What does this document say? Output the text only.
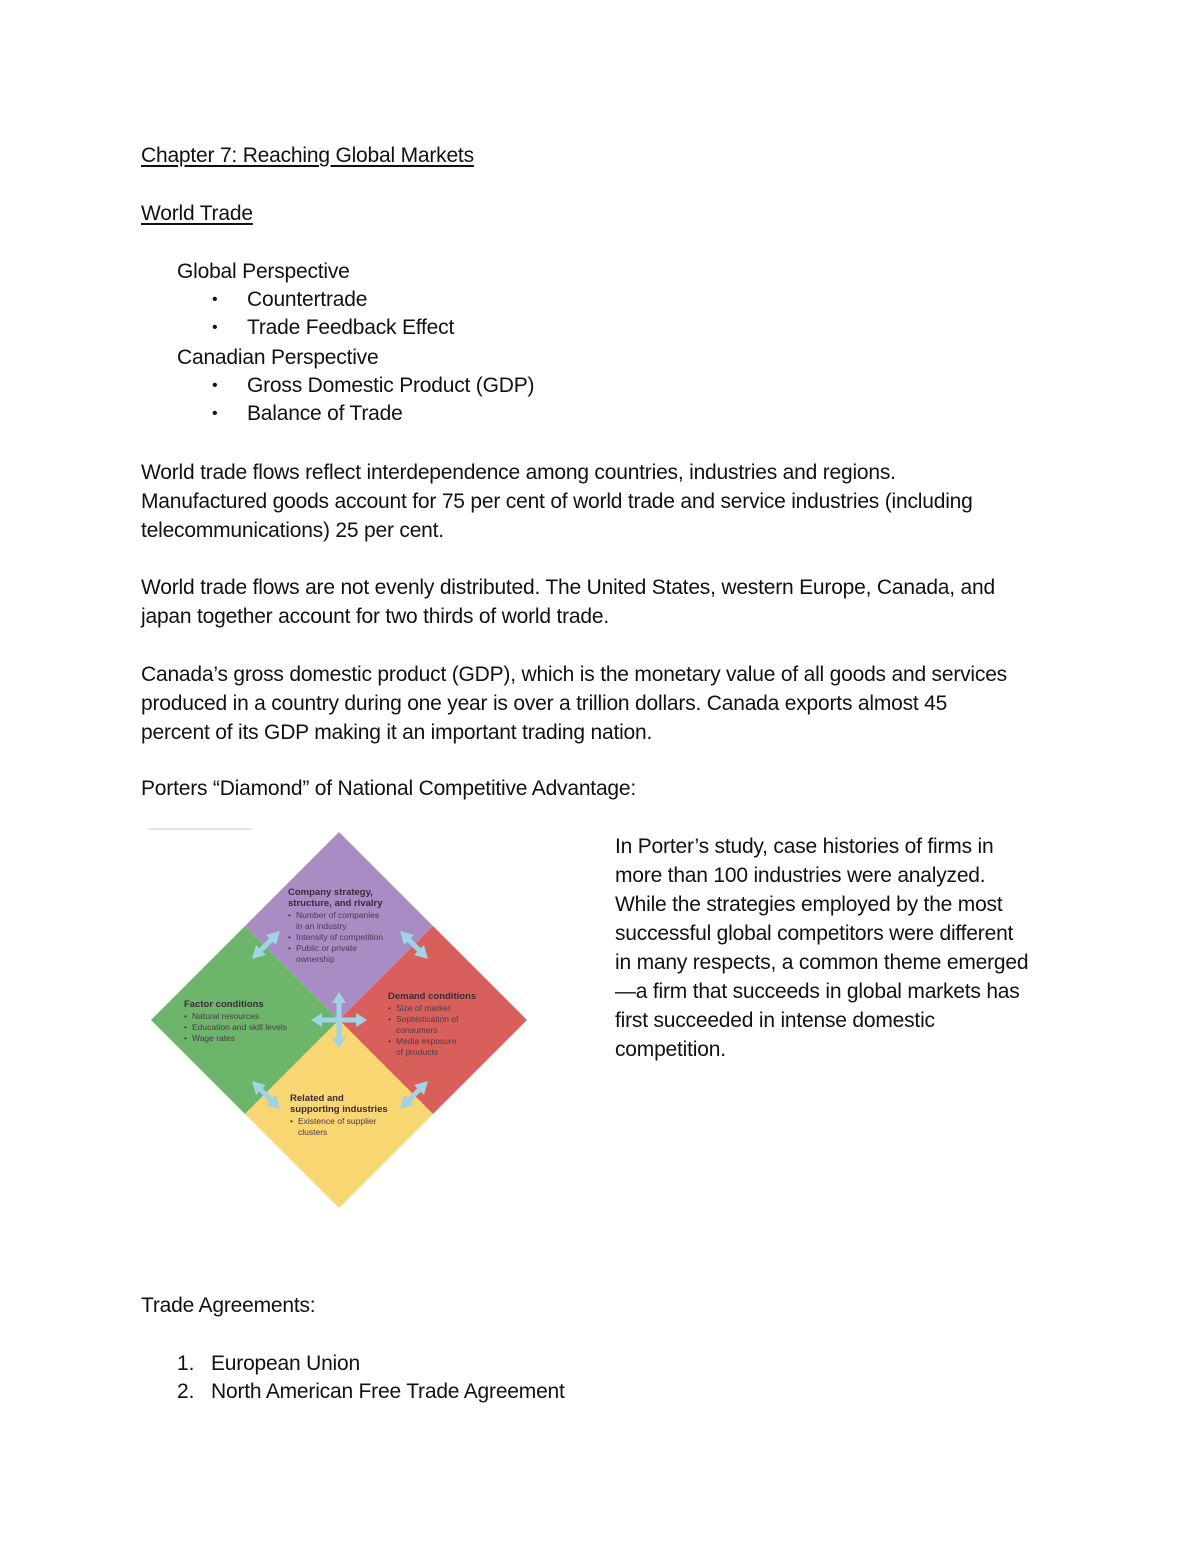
Chapter 7: Reaching Global Markets
World Trade
Global Perspective
• Countertrade
• Trade Feedback Effect
Canadian Perspective
• Gross Domestic Product (GDP)
• Balance of Trade
World trade flows reflect interdependence among countries, industries and regions.
Manufactured goods account for 75 per cent of world trade and service industries (including
telecommunications) 25 per cent.
World trade flows are not evenly distributed. The United States, western Europe, Canada, and
japan together account for two thirds of world trade.
Canada’s gross domestic product (GDP), which is the monetary value of all goods and services
produced in a country during one year is over a trillion dollars. Canada exports almost 45
percent of its GDP making it an important trading nation.
Porters “Diamond” of National Competitive Advantage:
Company strategy,
structure, and rivalry
• Number of companies
in an industry
• Intensity of competition
• Public or private
ownership
Factor conditions
• Natural resources
• Education and skill levels
• Wage rates
Demand conditions
• Size of market
• Sophistication of
consumers
• Media exposure
of products
Related and
supporting industries
• Existence of supplier
clusters
In Porter’s study, case histories of firms in
more than 100 industries were analyzed.
While the strategies employed by the most
successful global competitors were different
in many respects, a common theme emerged
—a firm that succeeds in global markets has
first succeeded in intense domestic
competition.
Trade Agreements:
1. European Union
2. North American Free Trade Agreement
